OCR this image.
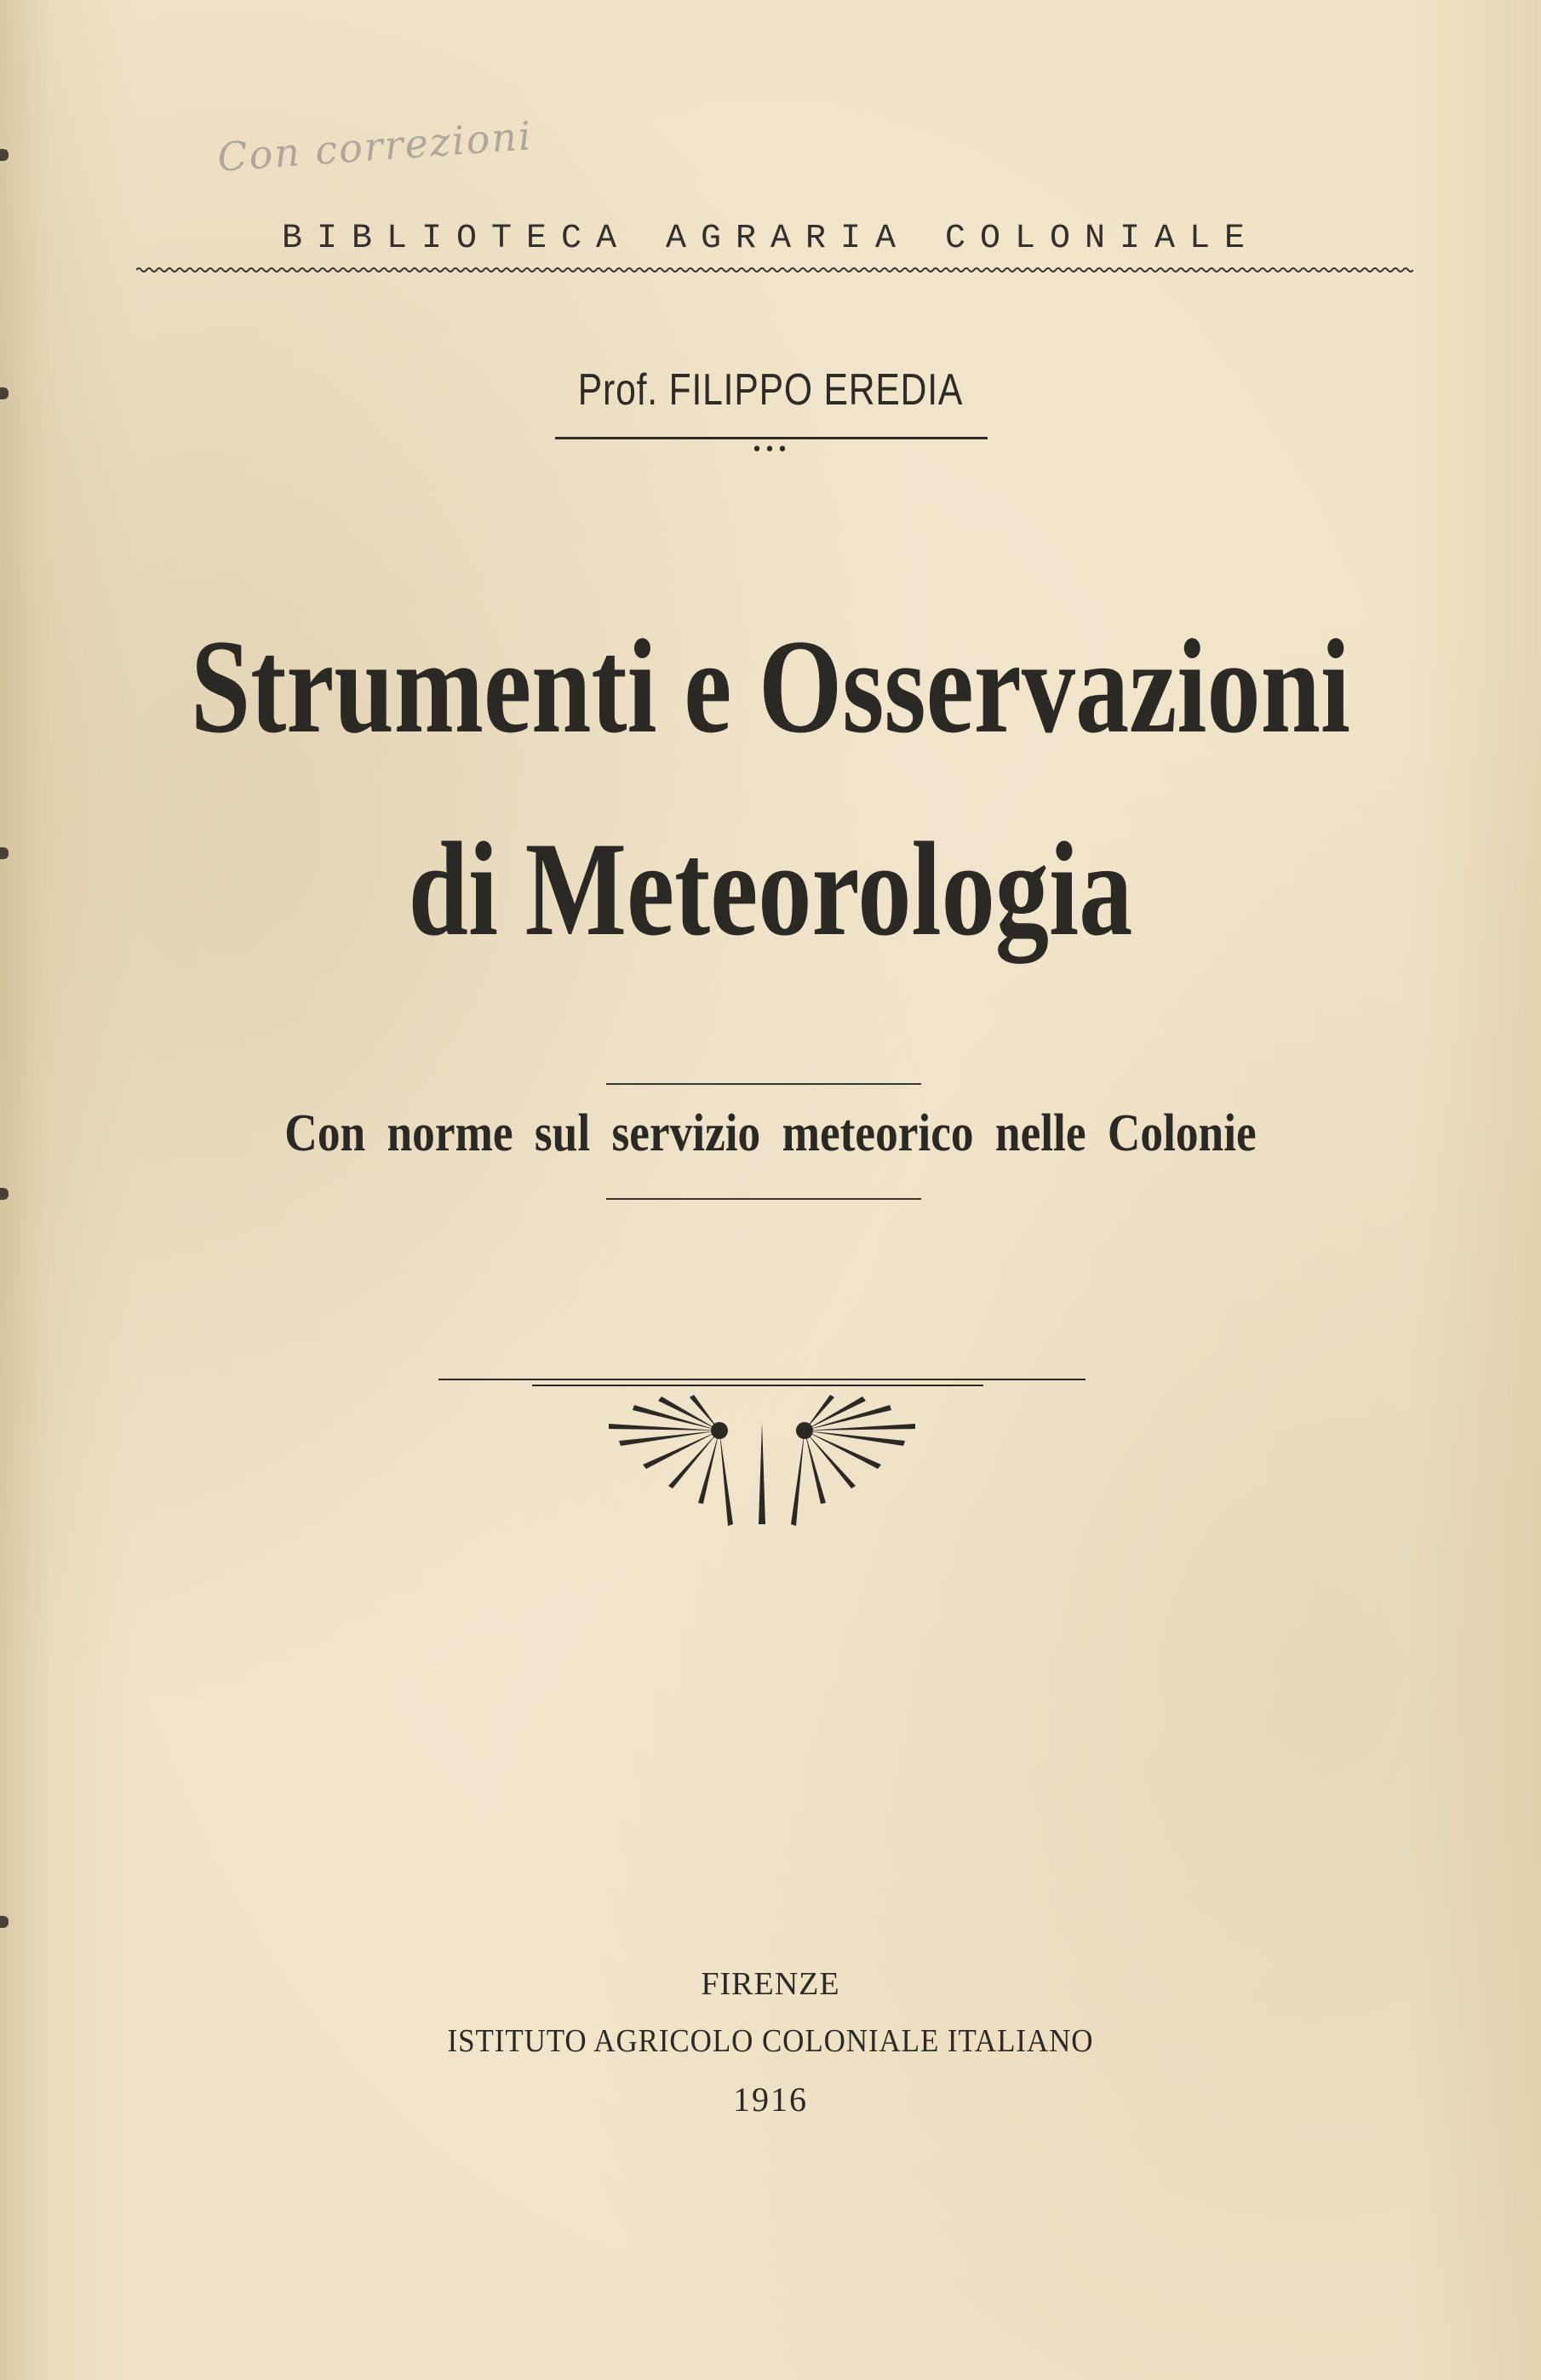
Con correzioni
BIBLIOTECA AGRARIA COLONIALE
Prof. FILIPPO EREDIA
•••
Strumenti e Osservazioni
di Meteorologia
Con norme sul servizio meteorico nelle Colonie
FIRENZE
ISTITUTO AGRICOLO COLONIALE ITALIANO
1916
